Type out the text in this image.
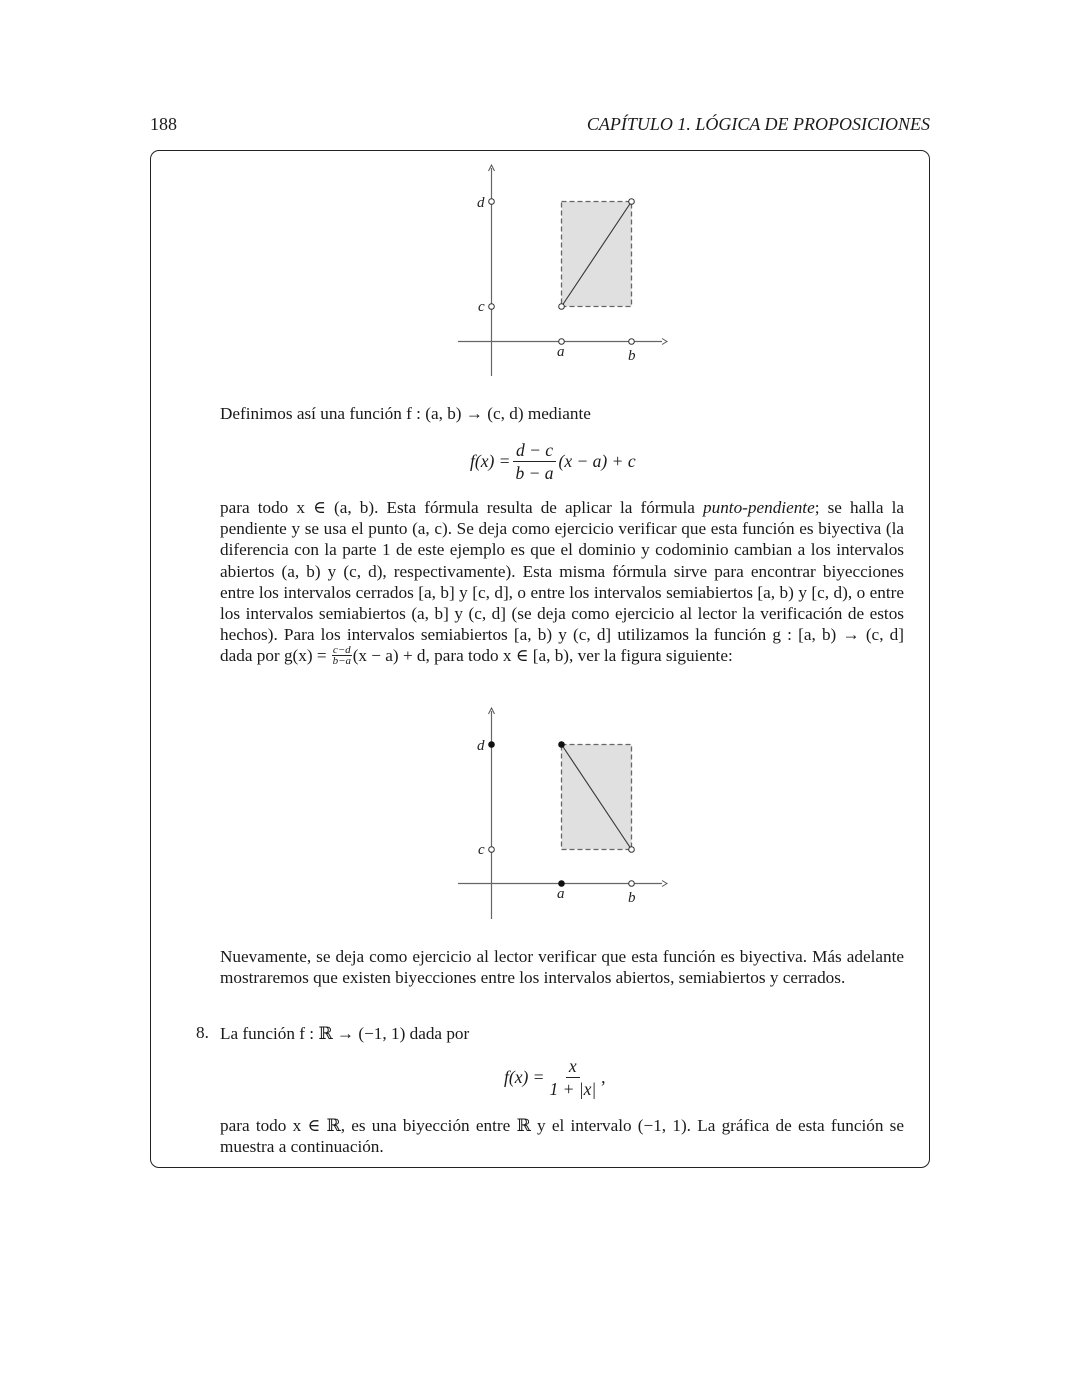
188	CAPÍTULO 1. LÓGICA DE PROPOSICIONES
d
c
a	b
Definimos así una función f : (a, b) → (c, d) mediante
$f(x) = \frac{d - c}{b - a} (x - a) + c$
para todo x ∈ (a, b). Esta fórmula resulta de aplicar la fórmula punto-pendiente; se halla la pendiente y se usa el punto (a, c). Se deja como ejercicio verificar que esta función es biyectiva (la diferencia con la parte 1 de este ejemplo es que el dominio y codominio cambian a los intervalos abiertos (a, b) y (c, d), respectivamente). Esta misma fórmula sirve para encontrar biyecciones entre los intervalos cerrados [a, b] y [c, d], o entre los intervalos semiabiertos [a, b) y [c, d), o entre los intervalos semiabiertos (a, b] y (c, d] (se deja como ejercicio al lector la verificación de estos hechos). Para los intervalos semiabiertos [a, b) y (c, d] utilizamos la función g : [a, b) → (c, d] dada por $g(x) = \frac{c-d}{b-a} (x - a) + d$, para todo x ∈ [a, b), ver la figura siguiente:
d
c
a	b
Nuevamente, se deja como ejercicio al lector verificar que esta función es biyectiva. Más adelante mostraremos que existen biyecciones entre los intervalos abiertos, semiabiertos y cerrados.
8. La función f : ℝ → (−1, 1) dada por
$f(x) = \frac{x}{1 + |x|}$ ,
para todo x ∈ ℝ, es una biyección entre ℝ y el intervalo (−1, 1). La gráfica de esta función se muestra a continuación.
